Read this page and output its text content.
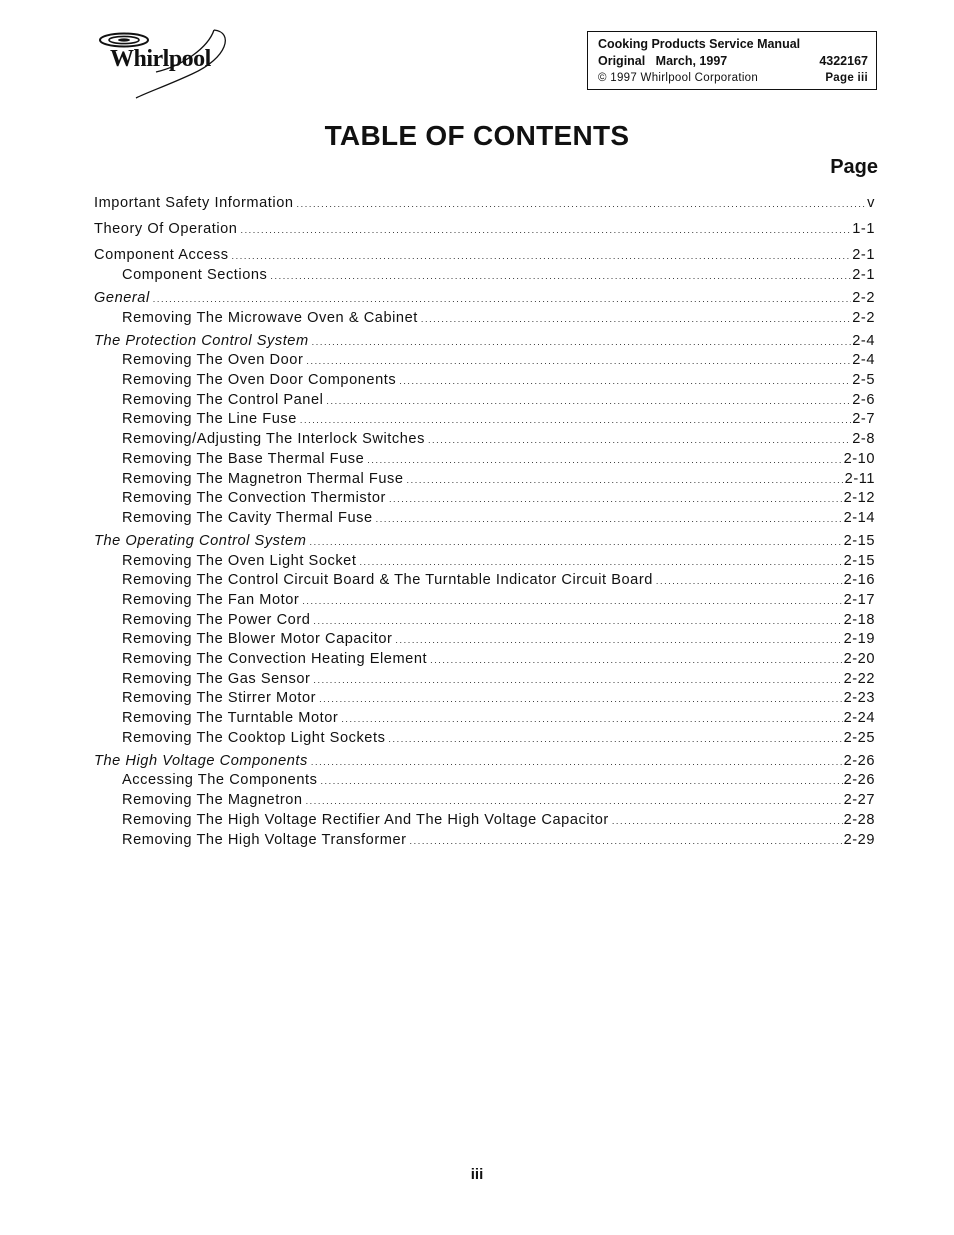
Whirlpool
Cooking Products Service Manual
Original March, 1997	4322167
© 1997 Whirlpool Corporation	Page iii
TABLE OF CONTENTS
Page
Important Safety Information .....	v
Theory Of Operation .....	1-1
Component Access .....	2-1
Component Sections .....	2-1
General .....	2-2
Removing The Microwave Oven & Cabinet .....	2-2
The Protection Control System .....	2-4
Removing The Oven Door .....	2-4
Removing The Oven Door Components .....	2-5
Removing The Control Panel .....	2-6
Removing The Line Fuse .....	2-7
Removing/Adjusting The Interlock Switches .....	2-8
Removing The Base Thermal Fuse .....	2-10
Removing The Magnetron Thermal Fuse .....	2-11
Removing The Convection Thermistor .....	2-12
Removing The Cavity Thermal Fuse .....	2-14
The Operating Control System .....	2-15
Removing The Oven Light Socket .....	2-15
Removing The Control Circuit Board & The Turntable Indicator Circuit Board .....	2-16
Removing The Fan Motor .....	2-17
Removing The Power Cord .....	2-18
Removing The Blower Motor Capacitor .....	2-19
Removing The Convection Heating Element .....	2-20
Removing The Gas Sensor .....	2-22
Removing The Stirrer Motor .....	2-23
Removing The Turntable Motor .....	2-24
Removing The Cooktop Light Sockets .....	2-25
The High Voltage Components .....	2-26
Accessing The Components .....	2-26
Removing The Magnetron .....	2-27
Removing The High Voltage Rectifier And The High Voltage Capacitor .....	2-28
Removing The High Voltage Transformer .....	2-29
iii
